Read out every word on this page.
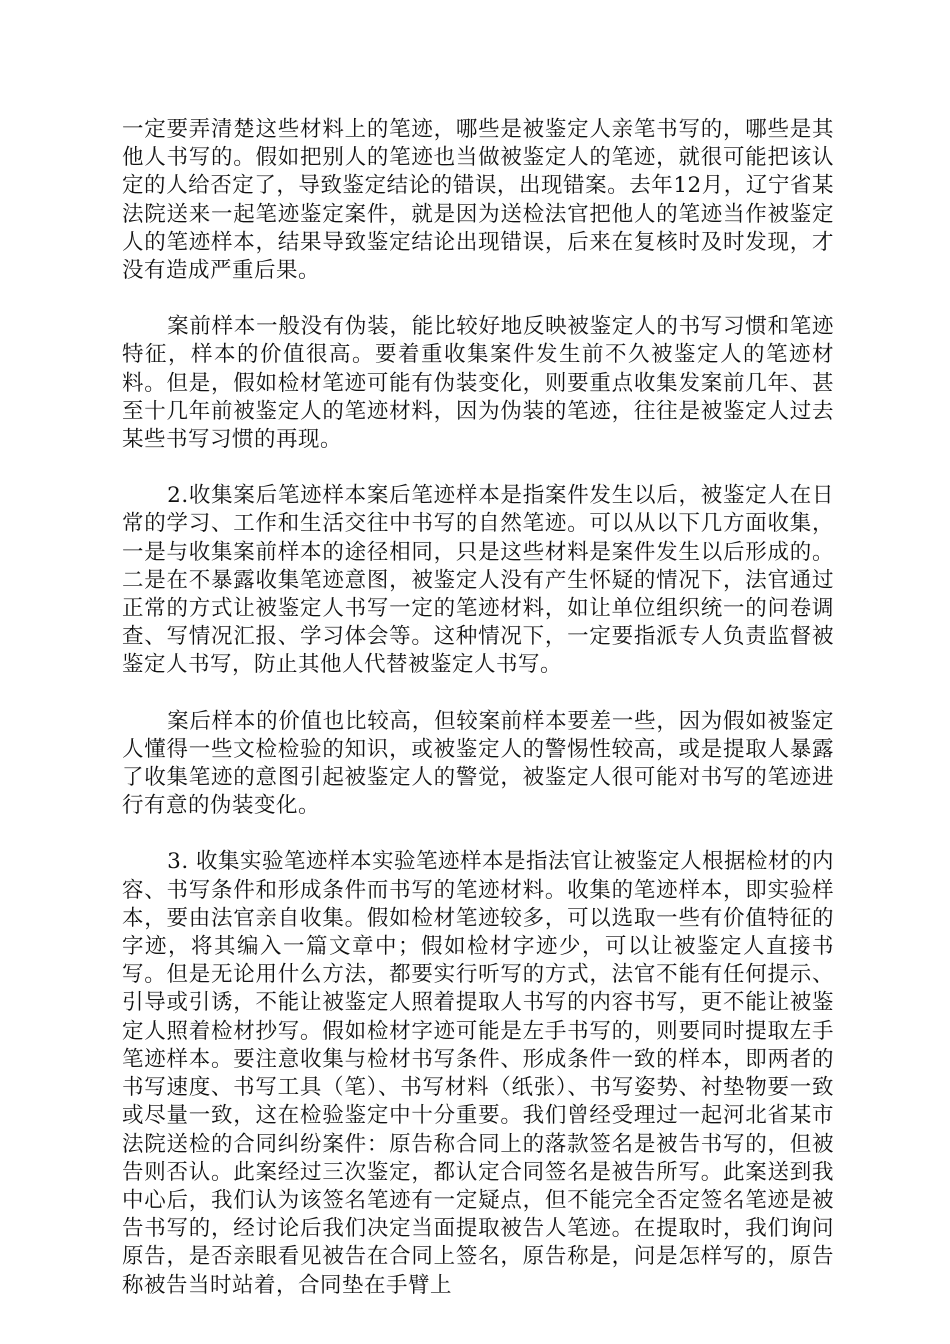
一定要弄清楚这些材料上的笔迹，哪些是被鉴定人亲笔书写的，哪些是其他人书写的。假如把别人的笔迹也当做被鉴定人的笔迹，就很可能把该认定的人给否定了，导致鉴定结论的错误，出现错案。去年12月，辽宁省某法院送来一起笔迹鉴定案件，就是因为送检法官把他人的笔迹当作被鉴定人的笔迹样本，结果导致鉴定结论出现错误，后来在复核时及时发现，才没有造成严重后果。

案前样本一般没有伪装，能比较好地反映被鉴定人的书写习惯和笔迹特征，样本的价值很高。要着重收集案件发生前不久被鉴定人的笔迹材料。但是，假如检材笔迹可能有伪装变化，则要重点收集发案前几年、甚至十几年前被鉴定人的笔迹材料，因为伪装的笔迹，往往是被鉴定人过去某些书写习惯的再现。

2.收集案后笔迹样本案后笔迹样本是指案件发生以后，被鉴定人在日常的学习、工作和生活交往中书写的自然笔迹。可以从以下几方面收集，一是与收集案前样本的途径相同，只是这些材料是案件发生以后形成的。二是在不暴露收集笔迹意图，被鉴定人没有产生怀疑的情况下，法官通过正常的方式让被鉴定人书写一定的笔迹材料，如让单位组织统一的问卷调查、写情况汇报、学习体会等。这种情况下，一定要指派专人负责监督被鉴定人书写，防止其他人代替被鉴定人书写。

案后样本的价值也比较高，但较案前样本要差一些，因为假如被鉴定人懂得一些文检检验的知识，或被鉴定人的警惕性较高，或是提取人暴露了收集笔迹的意图引起被鉴定人的警觉，被鉴定人很可能对书写的笔迹进行有意的伪装变化。

3. 收集实验笔迹样本实验笔迹样本是指法官让被鉴定人根据检材的内容、书写条件和形成条件而书写的笔迹材料。收集的笔迹样本，即实验样本，要由法官亲自收集。假如检材笔迹较多，可以选取一些有价值特征的字迹，将其编入一篇文章中；假如检材字迹少，可以让被鉴定人直接书写。但是无论用什么方法，都要实行听写的方式，法官不能有任何提示、引导或引诱，不能让被鉴定人照着提取人书写的内容书写，更不能让被鉴定人照着检材抄写。假如检材字迹可能是左手书写的，则要同时提取左手笔迹样本。要注意收集与检材书写条件、形成条件一致的样本，即两者的书写速度、书写工具（笔）、书写材料（纸张）、书写姿势、衬垫物要一致或尽量一致，这在检验鉴定中十分重要。我们曾经受理过一起河北省某市法院送检的合同纠纷案件：原告称合同上的落款签名是被告书写的，但被告则否认。此案经过三次鉴定，都认定合同签名是被告所写。此案送到我中心后，我们认为该签名笔迹有一定疑点，但不能完全否定签名笔迹是被告书写的，经讨论后我们决定当面提取被告人笔迹。在提取时，我们询问原告，是否亲眼看见被告在合同上签名，原告称是，问是怎样写的，原告称被告当时站着，合同垫在手臂上
